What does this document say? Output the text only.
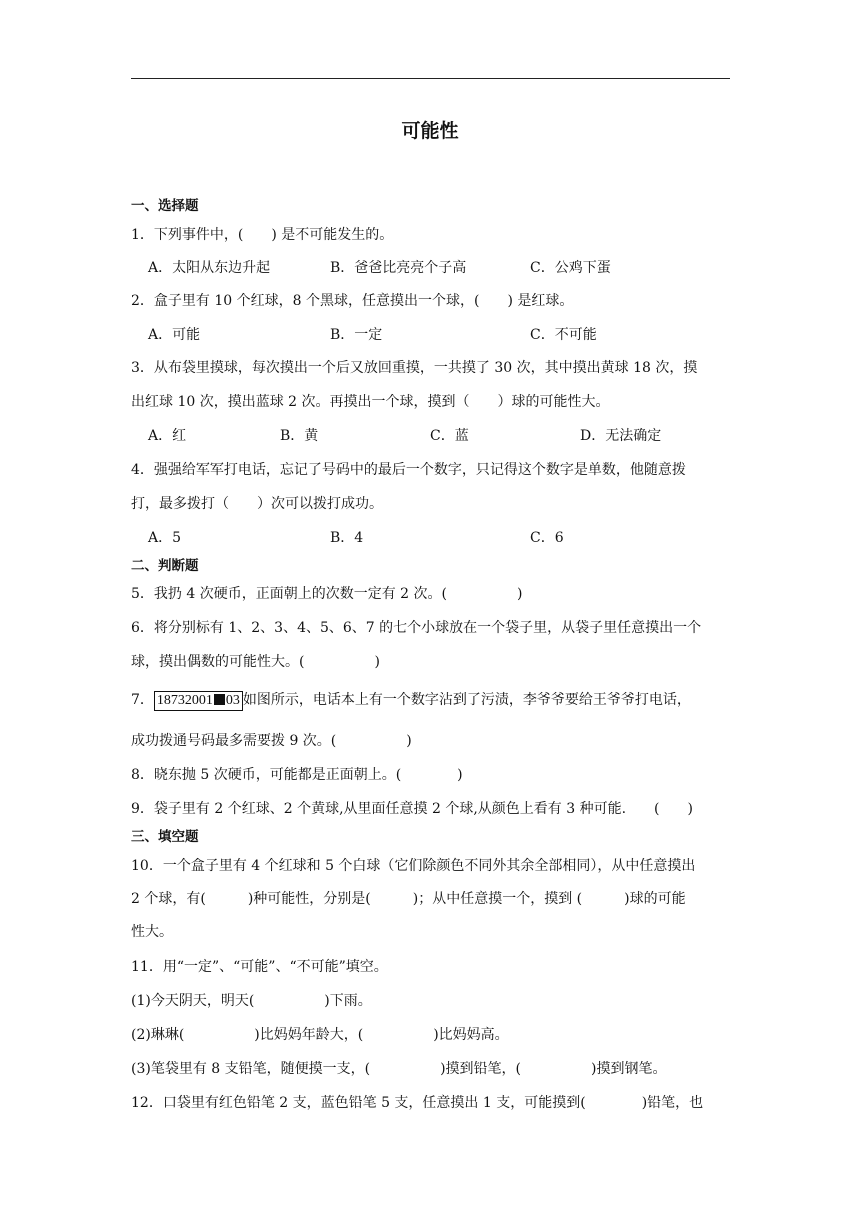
可能性
一、选择题
1．下列事件中，(　　) 是不可能发生的。
A．太阳从东边升起	B．爸爸比亮亮个子高	C．公鸡下蛋
2．盒子里有 10 个红球，8 个黑球，任意摸出一个球，(　　) 是红球。
A．可能	B．一定	C．不可能
3．从布袋里摸球，每次摸出一个后又放回重摸，一共摸了 30 次，其中摸出黄球 18 次，摸
出红球 10 次，摸出蓝球 2 次。再摸出一个球，摸到（　　）球的可能性大。
A．红	B．黄	C．蓝	D．无法确定
4．强强给军军打电话，忘记了号码中的最后一个数字，只记得这个数字是单数，他随意拨
打，最多拨打（　　）次可以拨打成功。
A．5	B．4	C．6
二、判断题
5．我扔 4 次硬币，正面朝上的次数一定有 2 次。(　　　　　)
6．将分别标有 1、2、3、4、5、6、7 的七个小球放在一个袋子里，从袋子里任意摸出一个
球，摸出偶数的可能性大。(　　　　　)
7． 18732001 03 如图所示，电话本上有一个数字沾到了污渍，李爷爷要给王爷爷打电话，
成功拨通号码最多需要拨 9 次。(　　　　　)
8．晓东抛 5 次硬币，可能都是正面朝上。(　　　　)
9．袋子里有 2 个红球、2 个黄球,从里面任意摸 2 个球,从颜色上看有 3 种可能.　　(　　)
三、填空题
10．一个盒子里有 4 个红球和 5 个白球（它们除颜色不同外其余全部相同），从中任意摸出
2 个球，有(　　　)种可能性，分别是(　　　)；从中任意摸一个，摸到 (　　　)球的可能
性大。
11．用“一定”、“可能”、“不可能”填空。
(1)今天阴天，明天(　　　　　)下雨。
(2)琳琳(　　　　　)比妈妈年龄大，(　　　　　)比妈妈高。
(3)笔袋里有 8 支铅笔，随便摸一支，(　　　　　)摸到铅笔，(　　　　　)摸到钢笔。
12．口袋里有红色铅笔 2 支，蓝色铅笔 5 支，任意摸出 1 支，可能摸到(　　　　)铅笔，也
